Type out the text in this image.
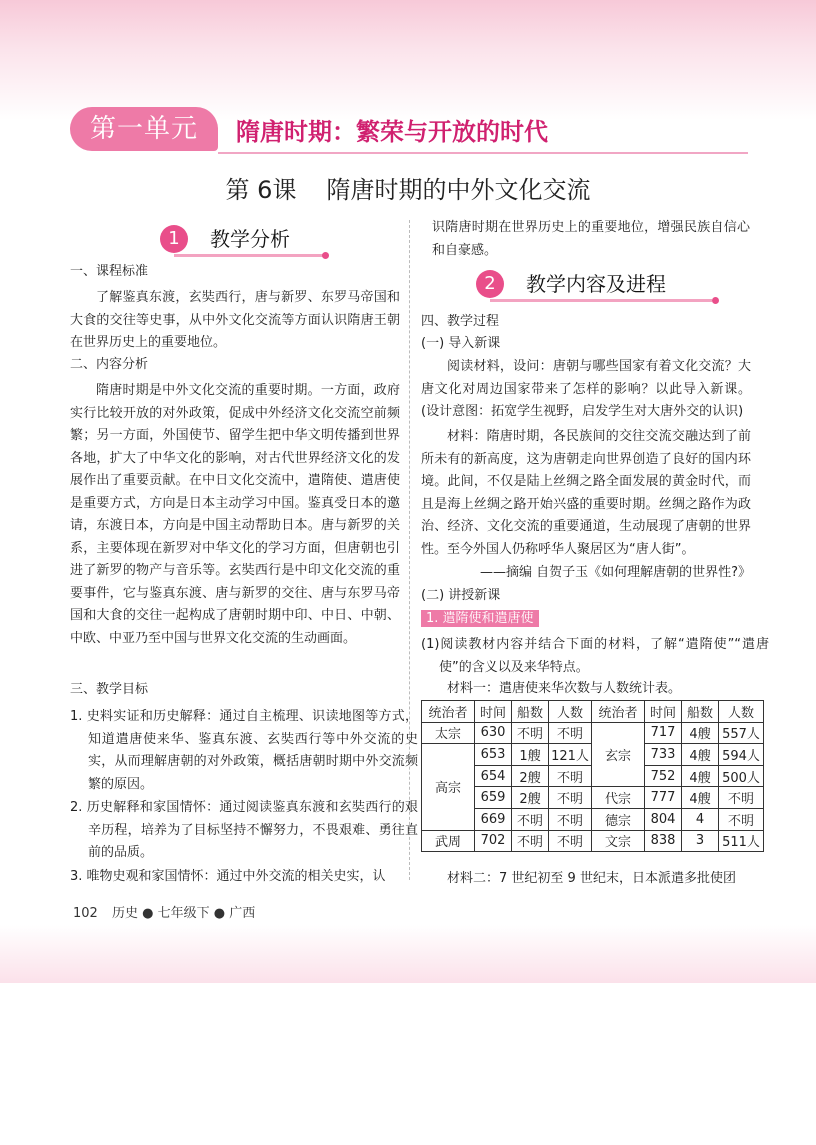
第一单元	隋唐时期：繁荣与开放的时代
第 6课 隋唐时期的中外文化交流
1	教学分析
一、课程标准
了解鉴真东渡，玄奘西行，唐与新罗、东罗马帝国和大食的交往等史事，从中外文化交流等方面认识隋唐王朝在世界历史上的重要地位。
二、内容分析
隋唐时期是中外文化交流的重要时期。一方面，政府实行比较开放的对外政策，促成中外经济文化交流空前频繁；另一方面，外国使节、留学生把中华文明传播到世界各地，扩大了中华文化的影响，对古代世界经济文化的发展作出了重要贡献。在中日文化交流中，遣隋使、遣唐使是重要方式，方向是日本主动学习中国。鉴真受日本的邀请，东渡日本，方向是中国主动帮助日本。唐与新罗的关系，主要体现在新罗对中华文化的学习方面，但唐朝也引进了新罗的物产与音乐等。玄奘西行是中印文化交流的重要事件，它与鉴真东渡、唐与新罗的交往、唐与东罗马帝国和大食的交往一起构成了唐朝时期中印、中日、中朝、中欧、中亚乃至中国与世界文化交流的生动画面。
三、教学目标
1. 史料实证和历史解释：通过自主梳理、识读地图等方式，知道遣唐使来华、鉴真东渡、玄奘西行等中外交流的史实，从而理解唐朝的对外政策，概括唐朝时期中外交流频繁的原因。
2. 历史解释和家国情怀：通过阅读鉴真东渡和玄奘西行的艰辛历程，培养为了目标坚持不懈努力，不畏艰难、勇往直前的品质。
3. 唯物史观和家国情怀：通过中外交流的相关史实，认
识隋唐时期在世界历史上的重要地位，增强民族自信心和自豪感。
2	教学内容及进程
四、教学过程
(一) 导入新课
阅读材料，设问：唐朝与哪些国家有着文化交流？大唐文化对周边国家带来了怎样的影响？以此导入新课。(设计意图：拓宽学生视野，启发学生对大唐外交的认识)
材料：隋唐时期，各民族间的交往交流交融达到了前所未有的新高度，这为唐朝走向世界创造了良好的国内环境。此间，不仅是陆上丝绸之路全面发展的黄金时代，而且是海上丝绸之路开始兴盛的重要时期。丝绸之路作为政治、经济、文化交流的重要通道，生动展现了唐朝的世界性。至今外国人仍称呼华人聚居区为“唐人街”。
——摘编 自贺子玉《如何理解唐朝的世界性?》
(二) 讲授新课
1. 遣隋使和遣唐使
(1)阅读教材内容并结合下面的材料，了解“遣隋使”“遣唐使”的含义以及来华特点。
材料一：遣唐使来华次数与人数统计表。
统治者	时间	船数	人数	统治者	时间	船数	人数
太宗	630	不明	不明	玄宗	717	4艘	557人
高宗	653	1艘	121人		733	4艘	594人
	654	2艘	不明		752	4艘	500人
	659	2艘	不明	代宗	777	4艘	不明
	669	不明	不明	德宗	804	4	不明
武周	702	不明	不明	文宗	838	3	511人
材料二：7 世纪初至 9 世纪末，日本派遣多批使团
102 历史 ● 七年级下 ● 广西
